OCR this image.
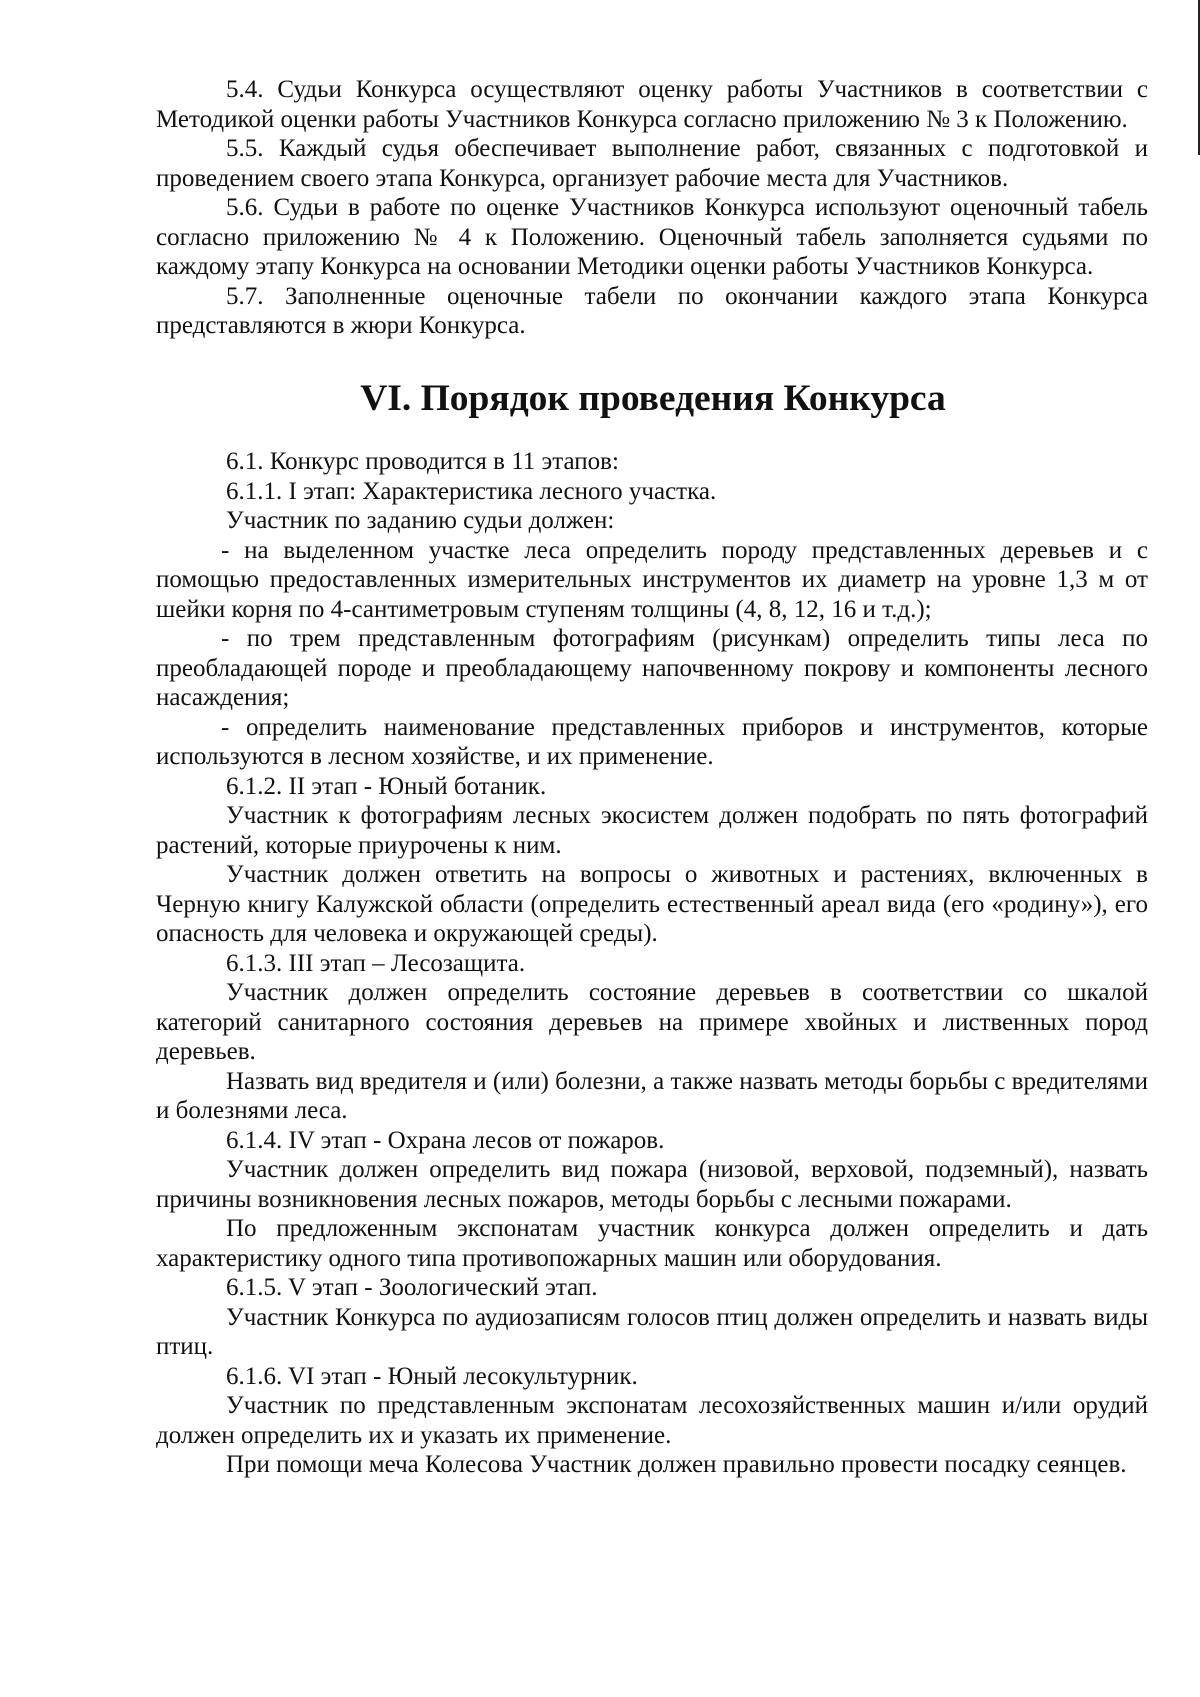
5.4. Судьи Конкурса осуществляют оценку работы Участников в соответствии с Методикой оценки работы Участников Конкурса согласно приложению № 3 к Положению.

5.5. Каждый судья обеспечивает выполнение работ, связанных с подготовкой и проведением своего этапа Конкурса, организует рабочие места для Участников.

5.6. Судьи в работе по оценке Участников Конкурса используют оценочный табель согласно приложению № 4 к Положению. Оценочный табель заполняется судьями по каждому этапу Конкурса на основании Методики оценки работы Участников Конкурса.

5.7. Заполненные оценочные табели по окончании каждого этапа Конкурса представляются в жюри Конкурса.

VI. Порядок проведения Конкурса

6.1. Конкурс проводится в 11 этапов:

6.1.1. I этап: Характеристика лесного участка.

Участник по заданию судьи должен:

- на выделенном участке леса определить породу представленных деревьев и с помощью предоставленных измерительных инструментов их диаметр на уровне 1,3 м от шейки корня по 4-сантиметровым ступеням толщины (4, 8, 12, 16 и т.д.);

- по трем представленным фотографиям (рисункам) определить типы леса по преобладающей породе и преобладающему напочвенному покрову и компоненты лесного насаждения;

- определить наименование представленных приборов и инструментов, которые используются в лесном хозяйстве, и их применение.

6.1.2. II этап - Юный ботаник.

Участник к фотографиям лесных экосистем должен подобрать по пять фотографий растений, которые приурочены к ним.

Участник должен ответить на вопросы о животных и растениях, включенных в Черную книгу Калужской области (определить естественный ареал вида (его «родину»), его опасность для человека и окружающей среды).

6.1.3. III этап – Лесозащита.

Участник должен определить состояние деревьев в соответствии со шкалой категорий санитарного состояния деревьев на примере хвойных и лиственных пород деревьев.

Назвать вид вредителя и (или) болезни, а также назвать методы борьбы с вредителями и болезнями леса.

6.1.4. IV этап - Охрана лесов от пожаров.

Участник должен определить вид пожара (низовой, верховой, подземный), назвать причины возникновения лесных пожаров, методы борьбы с лесными пожарами.

По предложенным экспонатам участник конкурса должен определить и дать характеристику одного типа противопожарных машин или оборудования.

6.1.5. V этап - Зоологический этап.

Участник Конкурса по аудиозаписям голосов птиц должен определить и назвать виды птиц.

6.1.6. VI этап - Юный лесокультурник.

Участник по представленным экспонатам лесохозяйственных машин и/или орудий должен определить их и указать их применение.

При помощи меча Колесова Участник должен правильно провести посадку сеянцев.
